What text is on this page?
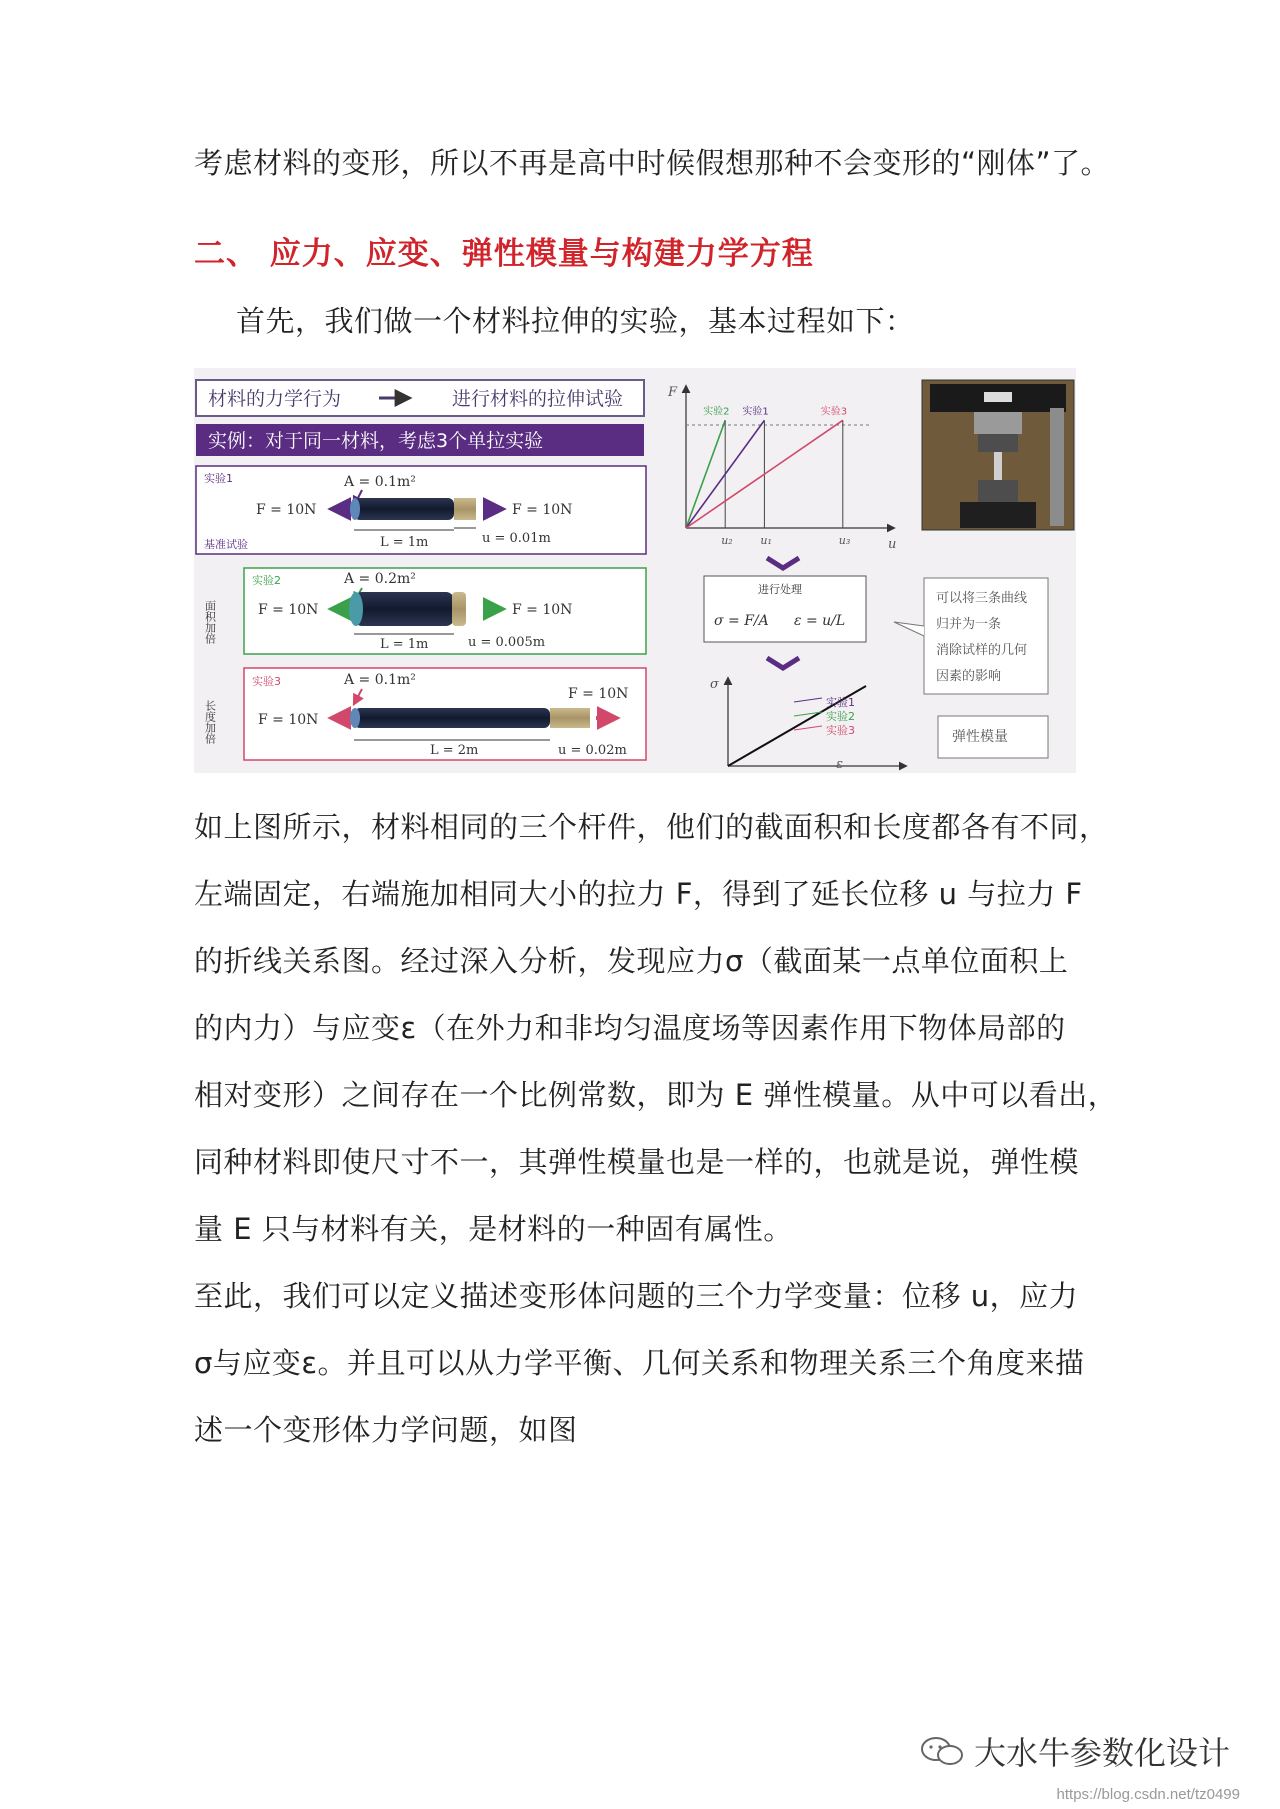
考虑材料的变形，所以不再是高中时候假想那种不会变形的“刚体”了。

二、 应力、应变、弹性模量与构建力学方程

首先，我们做一个材料拉伸的实验，基本过程如下：

材料的力学行为	进行材料的拉伸试验
实例：对于同一材料，考虑3个单拉实验
实验1
基准试验
A = 0.1m²
F = 10N	F = 10N
L = 1m	u = 0.01m
实验2
面积加倍
A = 0.2m²
F = 10N	F = 10N
L = 1m	u = 0.005m
实验3
长度加倍
A = 0.1m²
F = 10N
F = 10N
L = 2m	u = 0.02m
F
u
实验2 实验1	实验3
u₂	u₁	u₃
进行处理
σ = F/A ε = u/L
可以将三条曲线
归并为一条
消除试样的几何
因素的影响
σ
ε
实验1
实验2
实验3	弹性模量

如上图所示，材料相同的三个杆件，他们的截面积和长度都各有不同，
左端固定，右端施加相同大小的拉力 F，得到了延长位移 u 与拉力 F
的折线关系图。经过深入分析，发现应力σ（截面某一点单位面积上
的内力）与应变ε（在外力和非均匀温度场等因素作用下物体局部的
相对变形）之间存在一个比例常数，即为 E 弹性模量。从中可以看出，
同种材料即使尺寸不一，其弹性模量也是一样的，也就是说，弹性模
量 E 只与材料有关，是材料的一种固有属性。

至此，我们可以定义描述变形体问题的三个力学变量：位移 u，应力
σ与应变ε。并且可以从力学平衡、几何关系和物理关系三个角度来描
述一个变形体力学问题，如图

大水牛参数化设计
https://blog.csdn.net/tz0499
